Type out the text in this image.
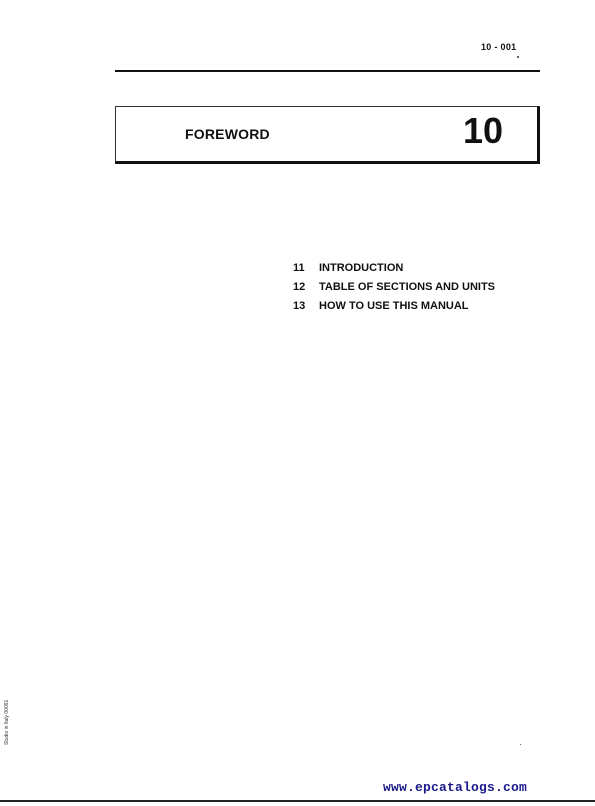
10 - 001
FOREWORD	10
11	INTRODUCTION
12	TABLE OF SECTIONS AND UNITS
13	HOW TO USE THIS MANUAL
Studio in Italy 00091
www.epcatalogs.com
